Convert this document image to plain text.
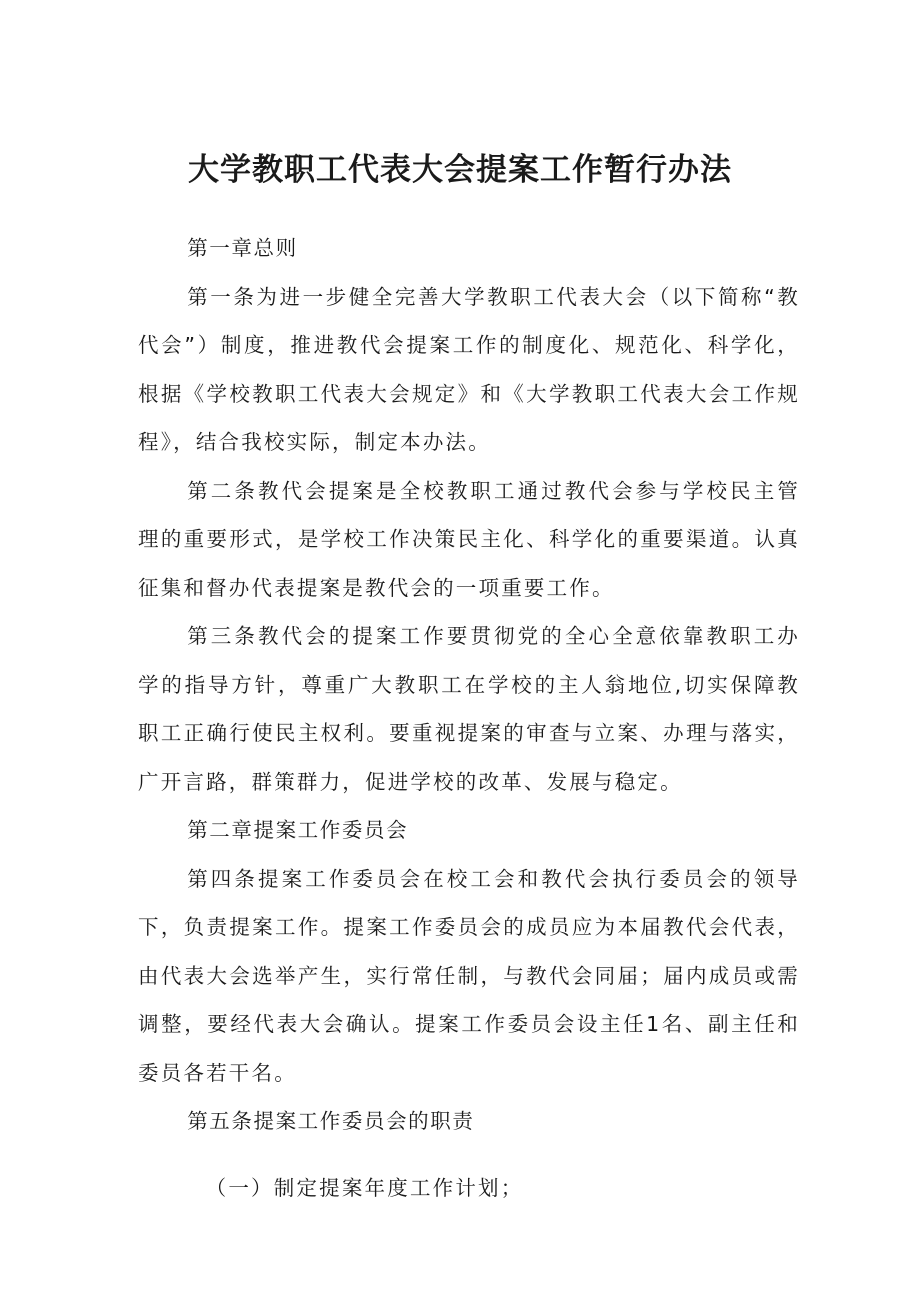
大学教职工代表大会提案工作暂行办法

第一章总则

第一条为进一步健全完善大学教职工代表大会（以下简称“教代会”）制度，推进教代会提案工作的制度化、规范化、科学化，根据《学校教职工代表大会规定》和《大学教职工代表大会工作规程》，结合我校实际，制定本办法。

第二条教代会提案是全校教职工通过教代会参与学校民主管理的重要形式，是学校工作决策民主化、科学化的重要渠道。认真征集和督办代表提案是教代会的一项重要工作。

第三条教代会的提案工作要贯彻党的全心全意依靠教职工办学的指导方针，尊重广大教职工在学校的主人翁地位,切实保障教职工正确行使民主权利。要重视提案的审查与立案、办理与落实，广开言路，群策群力，促进学校的改革、发展与稳定。

第二章提案工作委员会

第四条提案工作委员会在校工会和教代会执行委员会的领导下，负责提案工作。提案工作委员会的成员应为本届教代会代表，由代表大会选举产生，实行常任制，与教代会同届；届内成员或需调整，要经代表大会确认。提案工作委员会设主任1名、副主任和委员各若干名。

第五条提案工作委员会的职责

（一）制定提案年度工作计划；
